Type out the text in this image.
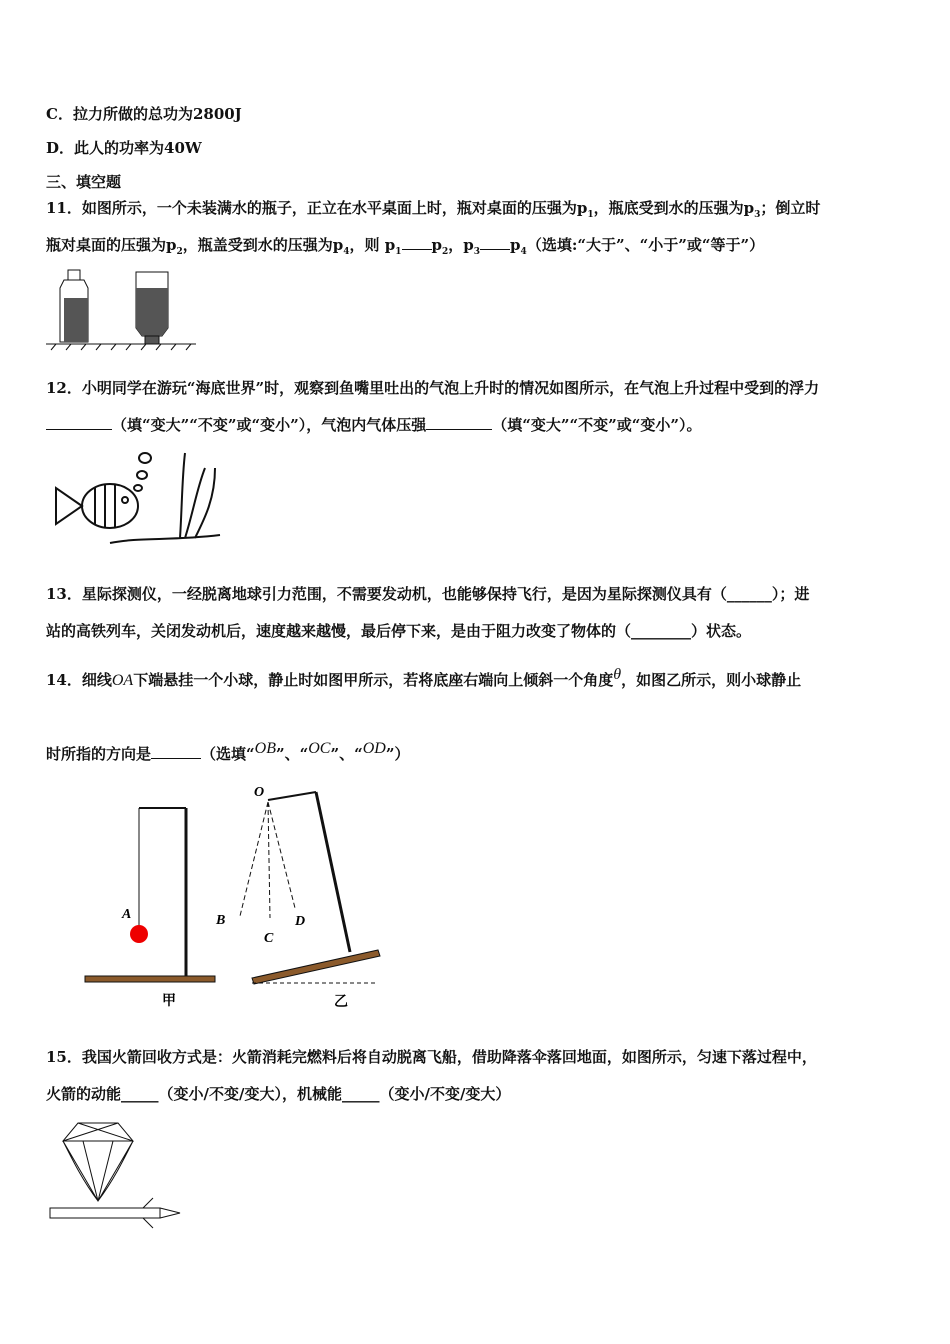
C．拉力所做的总功为2800J
D．此人的功率为40W
三、填空题
11．如图所示，一个未装满水的瓶子，正立在水平桌面上时，瓶对桌面的压强为$p_1$，瓶底受到水的压强为$p_3$；倒立时
瓶对桌面的压强为$p_2$，瓶盖受到水的压强为$p_4$，则 $p_1$ $p_2$，$p_3$ $p_4$（选填:“大于”、“小于”或“等于”）
12．小明同学在游玩“海底世界”时，观察到鱼嘴里吐出的气泡上升时的情况如图所示，在气泡上升过程中受到的浮力
（填“变大”“不变”或“变小”），气泡内气体压强	（填“变大”“不变”或“变小”）。
13．星际探测仪，一经脱离地球引力范围，不需要发动机，也能够保持飞行，是因为星际探测仪具有（______）；进
站的高铁列车，关闭发动机后，速度越来越慢，最后停下来，是由于阻力改变了物体的（________）状态。
14．细线OA下端悬挂一个小球，静止时如图甲所示，若将底座右端向上倾斜一个角度$^\theta$，如图乙所示，则小球静止
时所指的方向是	（选填“$^{OB}$”、“$^{OC}$”、“$^{OD}$”）
A
甲
O
B
C
D
乙
15．我国火箭回收方式是：火箭消耗完燃料后将自动脱离飞船，借助降落伞落回地面，如图所示，匀速下落过程中，
火箭的动能_____（变小/不变/变大），机械能_____（变小/不变/变大）
